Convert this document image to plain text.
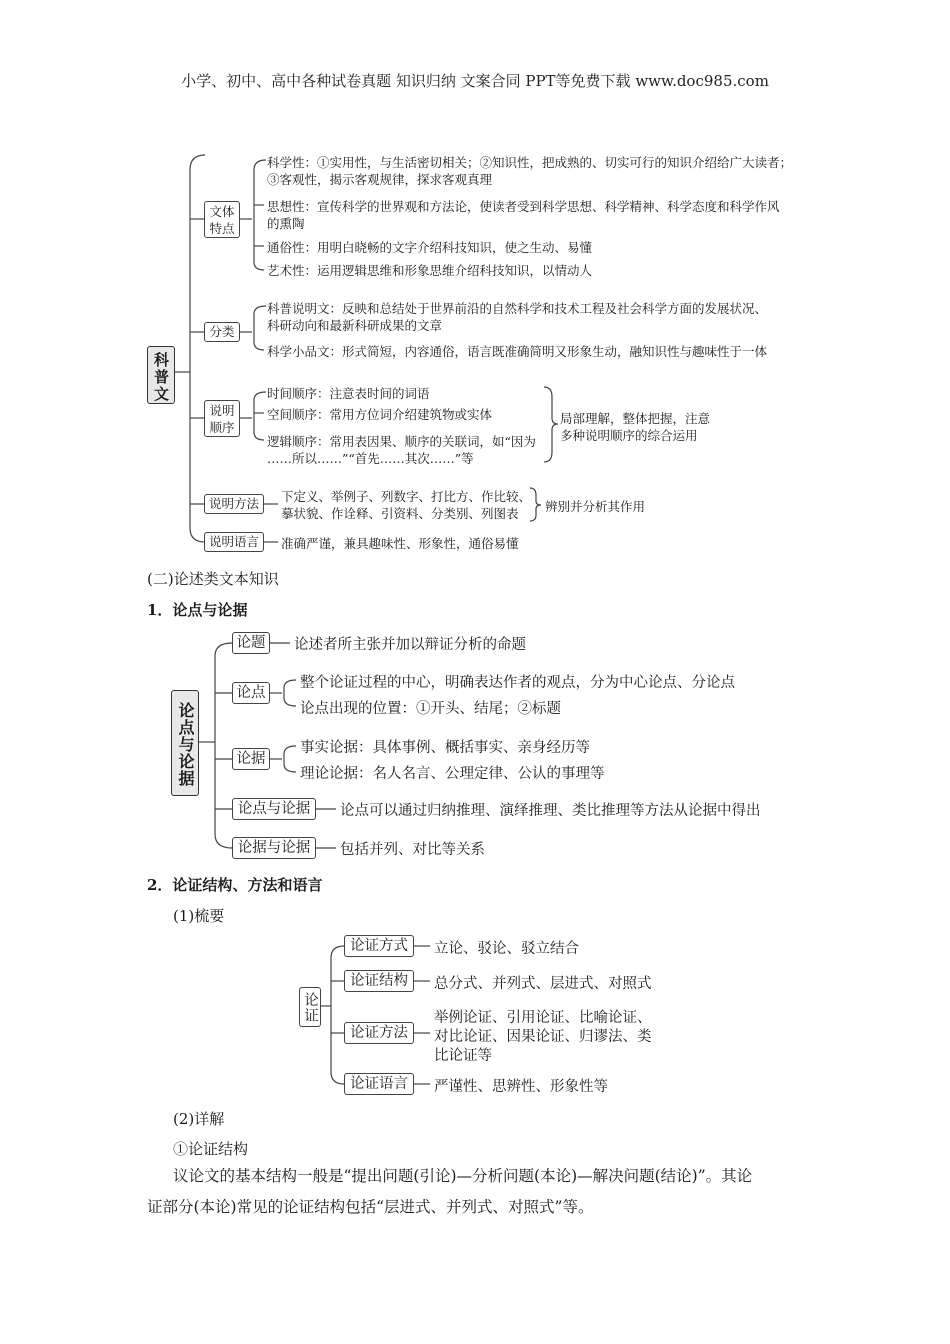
小学、初中、高中各种试卷真题 知识归纳 文案合同 PPT等免费下载 www.doc985.com
科普文
文体
特点
科学性：①实用性，与生活密切相关；②知识性，把成熟的、切实可行的知识介绍给广大读者；
③客观性，揭示客观规律，探求客观真理
思想性：宣传科学的世界观和方法论，使读者受到科学思想、科学精神、科学态度和科学作风
的熏陶
通俗性：用明白晓畅的文字介绍科技知识，使之生动、易懂
艺术性：运用逻辑思维和形象思维介绍科技知识，以情动人
分类
科普说明文：反映和总结处于世界前沿的自然科学和技术工程及社会科学方面的发展状况、
科研动向和最新科研成果的文章
科学小品文：形式简短，内容通俗，语言既准确简明又形象生动，融知识性与趣味性于一体
说明
顺序
时间顺序：注意表时间的词语
空间顺序：常用方位词介绍建筑物或实体
逻辑顺序：常用表因果、顺序的关联词，如“因为
……所以……”“首先……其次……”等
局部理解，整体把握，注意
多种说明顺序的综合运用
说明方法	下定义、举例子、列数字、打比方、作比较、
摹状貌、作诠释、引资料、分类别、列图表 辨别并分析其作用
说明语言	准确严谨，兼具趣味性、形象性，通俗易懂
(二)论述类文本知识
1．论点与论据
论点与论据
论题	论述者所主张并加以辩证分析的命题
论点
整个论证过程的中心，明确表达作者的观点，分为中心论点、分论点
论点出现的位置：①开头、结尾；②标题
论据
事实论据：具体事例、概括事实、亲身经历等
理论论据：名人名言、公理定律、公认的事理等
论点与论据	论点可以通过归纳推理、演绎推理、类比推理等方法从论据中得出
论据与论据	包括并列、对比等关系
2．论证结构、方法和语言
(1)梳要
论证
论证方式	立论、驳论、驳立结合
论证结构	总分式、并列式、层进式、对照式
论证方法
举例论证、引用论证、比喻论证、
对比论证、因果论证、归谬法、类
比论证等
论证语言	严谨性、思辨性、形象性等
(2)详解
①论证结构
议论文的基本结构一般是“提出问题(引论)—分析问题(本论)—解决问题(结论)”。其论
证部分(本论)常见的论证结构包括“层进式、并列式、对照式”等。
